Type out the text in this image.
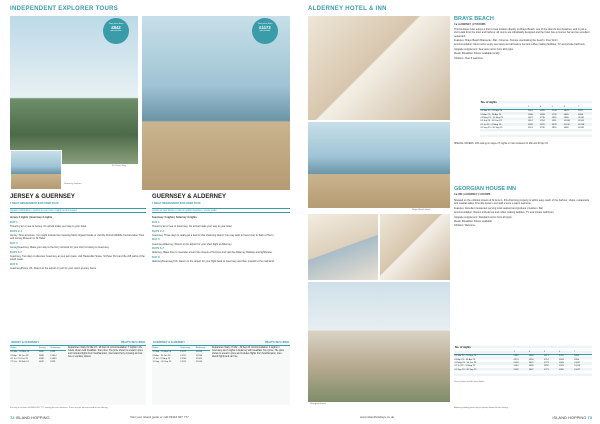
INDEPENDENT EXPLORER TOURS
St Ouen's Bay
Guernsey harbour
Tour price from
£842
per person
Tour price from
£1172
per person
JERSEY & GUERNSEY
7 NIGHT INDEPENDENT EXPLORER TOUR
GUERNSEY & ALDERNEY
7 NIGHT INDEPENDENT EXPLORER TOUR
popular combination • explore on your own • highly recommended	explore at your leisure • relax on golden beaches • scenic walks

Jersey 4 nights | Guernsey 3 nights

DAY 1

Travel by air or sea to Jersey. On arrival make your way to your hotel.

DAYS 2-4

Jersey. Time at leisure. You might include the imposing Mont Orgueil Castle or visit the Durrell Wildlife Conservation Trust and Jersey Museum in St Helier.

DAY 5

Jersey/Guernsey. Make your way to the ferry terminal for your short crossing to Guernsey.

DAYS 6-7

Guernsey. Two days to discover Guernsey at your own pace: visit Hauteville House, St Peter Port and the cliff paths of the south coast.

DAY 8

Guernsey/Home UK. Return to the airport or port for your return journey home.

Guernsey 4 nights | Alderney 3 nights

DAY 1

Travel by air or sea to Guernsey. On arrival make your way to your hotel.

DAYS 2-4

Guernsey. Three days to really get a feel for this charming island. You may wish to travel over to Sark or Herm.

DAY 5

Guernsey/Alderney. Return to the airport for your short flight to Alderney.

DAYS 6-7

Alderney. Make time to meander around the streets of St Anne and visit the Alderney Railway and lighthouse.

DAY 8

Alderney/Guernsey/UK. Return to the airport for your flight back to Guernsey and then onward to the mainland.

JERSEY & GUERNSEY	WHAT'S INCLUDED
Dates	Jersey	Guernsey
01 Mar - 31 Mar 23	£842	£929
01 Apr - 30 Jun 23	£899	£1014
01 Jul - 31 Oct 23	£948	£1063
27 Oct - 28 Feb 24	£842	£929
Departures: Daily 01 Mar 23 - 28 Feb 24. Accommodation: 7 nights in the hotels shown with breakfast. Tour price: The price shown is a lead-in price and includes flights from Southampton, inter-island ferry crossing and car hire or explorer tickets.
GUERNSEY & ALDERNEY	WHAT'S INCLUDED
Dates	Guernsey	Alderney
17 Mar - 31 Mar 23	£1172	£1244
01 Apr - 30 Jun 23	£1217	£1298
17 Jul - 31 Aug 23	£1254	£1343
11 Sep - 20 Sep 23	£1172	£1244
Departures: Daily 17 Mar - 30 Sep 23. Accommodation: 4 nights in Guernsey and 3 nights in Alderney with breakfast. Tour price: The price shown is a lead-in price and includes flights from Southampton, inter-island flights and car hire.
For help or to book call 03444 937 777 quoting the tour reference. Prices are per person based on two sharing.
72 ISLAND HOPPING	Visit your island guide or call 03444 937 777
ALDERNEY HOTEL & INN
Braye Beach Hotel
Georgian House
BRAYE BEACH
4★ ALDERNEY | 27 ROOMS

This boutique hotel enjoys a first to beat location directly on Braye Beach, one of the island's best beaches, and is just a short walk from the town and harbour. All rooms are individually designed and the hotel has a cinema, bar and an excellent restaurant.

Features: Braye Beach Brasserie • Bar • Cinema • Terrace overlooking the beach • Free Wi-Fi

Accommodation: Most rooms enjoy sea views and all feature tea and coffee making facilities, TV and private bathroom.

Upgrade supplement: Sea view rooms from £16 pppn.

Meals: Breakfast. Dinner available locally.

Children: Over 5 welcome.

No. of nights
	3	4	5	6	7
01 Mar 23 - 31 Mar 23	£561	£655	£749	£843	£937
01 Apr 23 - 30 Apr 23	£586	£689	£792	£895	£998
01 May 23 - 31 May 23	£621	£736	£851	£966	£1081
01 Jun 23 - 30 Jun 23	£657	£784	£911	£1038	£1165
01 Jul 23 - 31 Aug 23	£692	£831	£970	£1109	£1248
01 Sep 23 - 30 Sep 23	£621	£736	£851	£966	£1081
SPECIAL OFFERS: 10% saving on stays of 5 nights or more between 01 Mar and 30 Apr 23.
GEORGIAN HOUSE INN
4★ INN | ALDERNEY | 4 ROOMS

Situated on the cobbled streets of St Anne's, this charming property is within easy reach of the harbour, shops, restaurants and coastal walks. Friendly owners and staff ensure a warm welcome.

Features: Excellent restaurant serving local seafood and produce • Garden • Bar

Accommodation: Rooms include tea and coffee making facilities, TV and private bathroom.

Upgrade supplement: Standard rooms from £9 pppn.

Meals: Breakfast. Dinner available.

Children: Welcome.

No. of nights
	3	4	5	6	7
01 Mar 23 - 31 Mar 23	£449	£560	£671	£782	£893
01 Apr 23 - 30 Apr 23	£474	£594	£714	£834	£954
01 May 23 - 30 Jun 23	£509	£641	£773	£905	£1037
01 Jul 23 - 31 Aug 23	£544	£688	£832	£976	£1120
01 Sep 23 - 30 Sep 23	£509	£641	£773	£905	£1037
Prices shown include return flights
Alderney holiday prices are per person based on two sharing.
www.islandholidays.co.uk	ISLAND HOPPING 73
